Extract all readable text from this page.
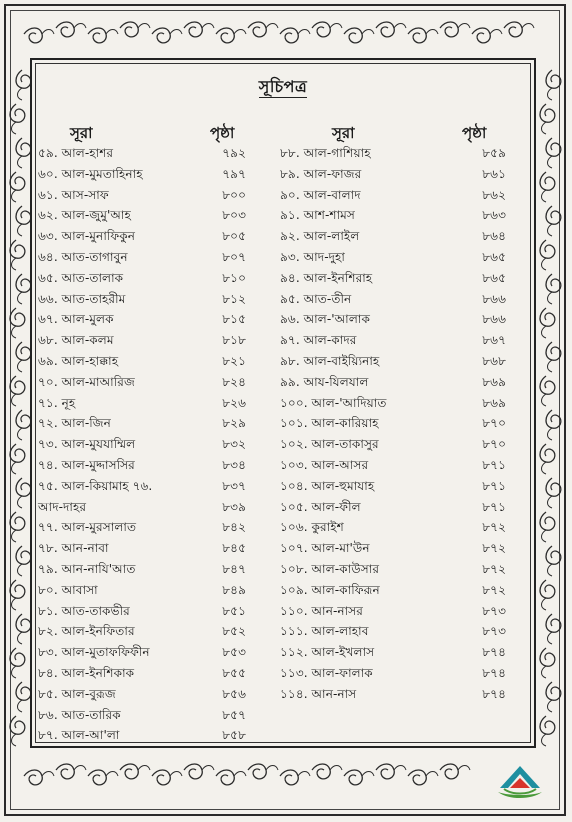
সূচিপত্র
সূরা	পৃষ্ঠা	সূরা	পৃষ্ঠা
৫৯. আল-হাশর	৭৯২
৬০. আল-মুমতাহিনাহ	৭৯৭
৬১. আস-সাফ	৮০০
৬২. আল-জুমু'আহ	৮০৩
৬৩. আল-মুনাফিকুন	৮০৫
৬৪. আত-তাগাবুন	৮০৭
৬৫. আত-তালাক	৮১০
৬৬. আত-তাহরীম	৮১২
৬৭. আল-মুলক	৮১৫
৬৮. আল-কলম	৮১৮
৬৯. আল-হাক্কাহ	৮২১
৭০. আল-মাআরিজ	৮২৪
৭১. নূহ	৮২৬
৭২. আল-জিন	৮২৯
৭৩. আল-মুযযাম্মিল	৮৩২
৭৪. আল-মুদ্দাসসির	৮৩৪
৭৫. আল-কিয়ামাহ ৭৬.	৮৩৭
আদ-দাহর	৮৩৯
৭৭. আল-মুরসালাত	৮৪২
৭৮. আন-নাবা	৮৪৫
৭৯. আন-নাযি'আত	৮৪৭
৮০. আবাসা	৮৪৯
৮১. আত-তাকভীর	৮৫১
৮২. আল-ইনফিতার	৮৫২
৮৩. আল-মুতাফফিফীন	৮৫৩
৮৪. আল-ইনশিকাক	৮৫৫
৮৫. আল-বুরূজ	৮৫৬
৮৬. আত-তারিক	৮৫৭
৮৭. আল-আ'লা	৮৫৮
৮৮. আল-গাশিয়াহ	৮৫৯
৮৯. আল-ফাজর	৮৬১
৯০. আল-বালাদ	৮৬২
৯১. আশ-শামস	৮৬৩
৯২. আল-লাইল	৮৬৪
৯৩. আদ-দুহা	৮৬৫
৯৪. আল-ইনশিরাহ	৮৬৫
৯৫. আত-তীন	৮৬৬
৯৬. আল-'আলাক	৮৬৬
৯৭. আল-কাদর	৮৬৭
৯৮. আল-বাইয়্যিনাহ	৮৬৮
৯৯. আয-যিলযাল	৮৬৯
১০০. আল-'আদিয়াত	৮৬৯
১০১. আল-কারিয়াহ	৮৭০
১০২. আল-তাকাসুর	৮৭০
১০৩. আল-আসর	৮৭১
১০৪. আল-হুমাযাহ	৮৭১
১০৫. আল-ফীল	৮৭১
১০৬. কুরাইশ	৮৭২
১০৭. আল-মা'উন	৮৭২
১০৮. আল-কাউসার	৮৭২
১০৯. আল-কাফিরূন	৮৭২
১১০. আন-নাসর	৮৭৩
১১১. আল-লাহাব	৮৭৩
১১২. আল-ইখলাস	৮৭৪
১১৩. আল-ফালাক	৮৭৪
১১৪. আন-নাস	৮৭৪
